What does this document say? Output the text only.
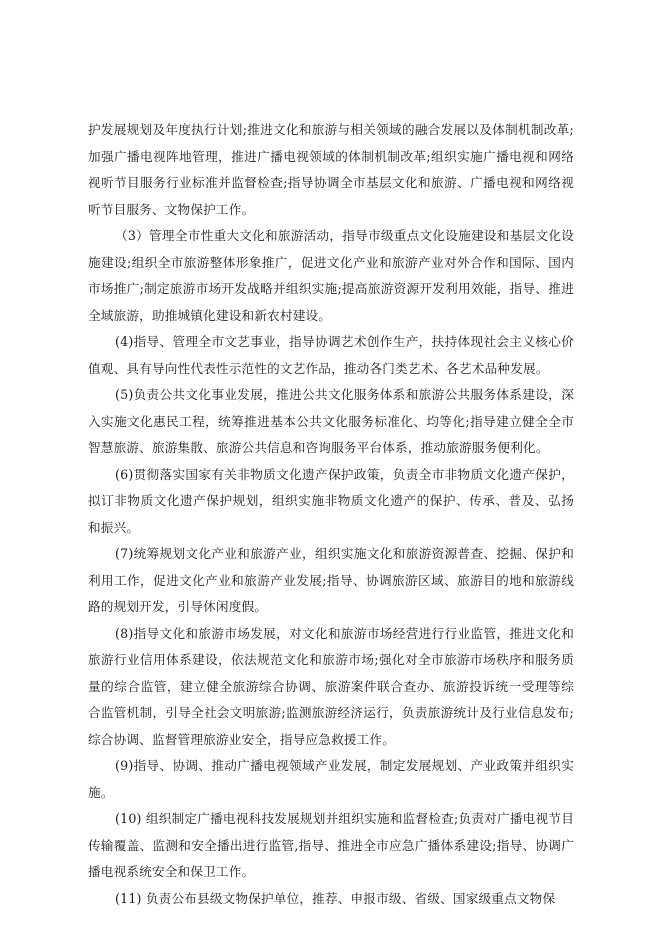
护发展规划及年度执行计划;推进文化和旅游与相关领域的融合发展以及体制机制改革;加强广播电视阵地管理，推进广播电视领域的体制机制改革;组织实施广播电视和网络视听节目服务行业标准并监督检查;指导协调全市基层文化和旅游、广播电视和网络视听节目服务、文物保护工作。

（3）管理全市性重大文化和旅游活动，指导市级重点文化设施建设和基层文化设施建设;组织全市旅游整体形象推广，促进文化产业和旅游产业对外合作和国际、国内市场推广;制定旅游市场开发战略并组织实施;提高旅游资源开发利用效能，指导、推进全域旅游，助推城镇化建设和新农村建设。

(4)指导、管理全市文艺事业，指导协调艺术创作生产，扶持体现社会主义核心价值观、具有导向性代表性示范性的文艺作品，推动各门类艺术、各艺术品种发展。

(5)负责公共文化事业发展，推进公共文化服务体系和旅游公共服务体系建设，深入实施文化惠民工程，统筹推进基本公共文化服务标准化、均等化;指导建立健全全市智慧旅游、旅游集散、旅游公共信息和咨询服务平台体系，推动旅游服务便利化。

(6)贯彻落实国家有关非物质文化遗产保护政策，负责全市非物质文化遗产保护，拟订非物质文化遗产保护规划，组织实施非物质文化遗产的保护、传承、普及、弘扬和振兴。

(7)统筹规划文化产业和旅游产业，组织实施文化和旅游资源普查、挖掘、保护和利用工作，促进文化产业和旅游产业发展;指导、协调旅游区域、旅游目的地和旅游线路的规划开发，引导休闲度假。

(8)指导文化和旅游市场发展，对文化和旅游市场经营进行行业监管，推进文化和旅游行业信用体系建设，依法规范文化和旅游市场;强化对全市旅游市场秩序和服务质量的综合监管，建立健全旅游综合协调、旅游案件联合查办、旅游投诉统一受理等综合监管机制，引导全社会文明旅游;监测旅游经济运行，负责旅游统计及行业信息发布;综合协调、监督管理旅游业安全，指导应急救援工作。

(9)指导、协调、推动广播电视领域产业发展，制定发展规划、产业政策并组织实施。

(10) 组织制定广播电视科技发展规划并组织实施和监督检查;负责对广播电视节目传输覆盖、监测和安全播出进行监管,指导、推进全市应急广播体系建设;指导、协调广播电视系统安全和保卫工作。

(11) 负责公布县级文物保护单位，推荐、申报市级、省级、国家级重点文物保
